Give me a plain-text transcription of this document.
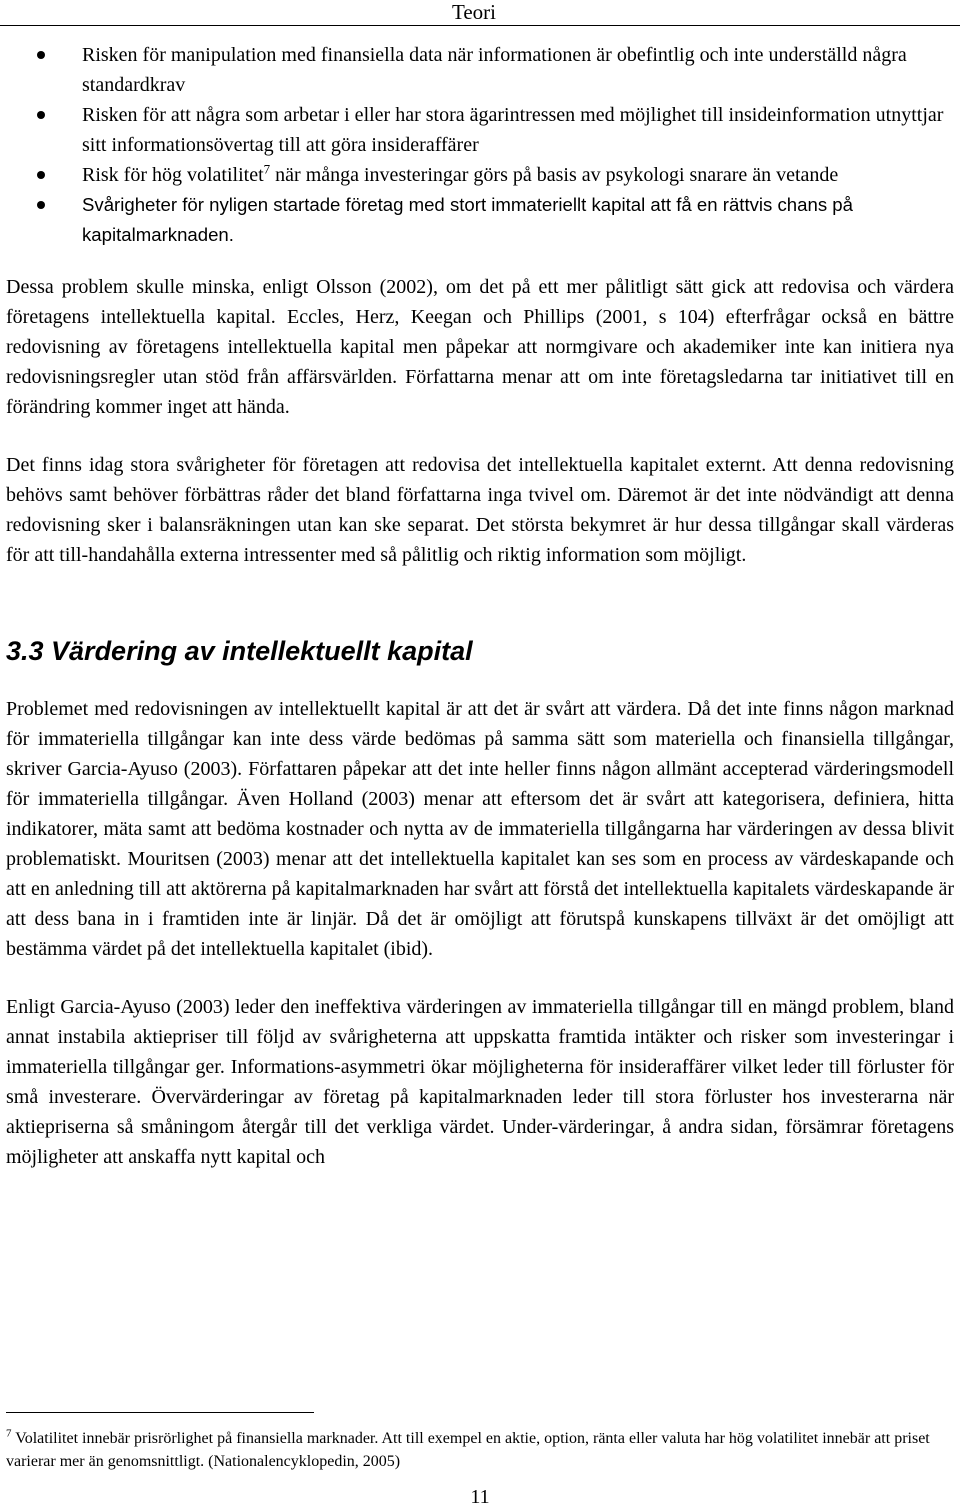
Teori
Risken för manipulation med finansiella data när informationen är obefintlig och inte underställd några standardkrav
Risken för att några som arbetar i eller har stora ägarintressen med möjlighet till insideinformation utnyttjar sitt informationsövertag till att göra insideraffärer
Risk för hög volatilitet$^7$ när många investeringar görs på basis av psykologi snarare än vetande
Svårigheter för nyligen startade företag med stort immateriellt kapital att få en rättvis chans på kapitalmarknaden.

Dessa problem skulle minska, enligt Olsson (2002), om det på ett mer pålitligt sätt gick att redovisa och värdera företagens intellektuella kapital. Eccles, Herz, Keegan och Phillips (2001, s 104) efterfrågar också en bättre redovisning av företagens intellektuella kapital men påpekar att normgivare och akademiker inte kan initiera nya redovisningsregler utan stöd från affärsvärlden. Författarna menar att om inte företagsledarna tar initiativet till en förändring kommer inget att hända.

Det finns idag stora svårigheter för företagen att redovisa det intellektuella kapitalet externt. Att denna redovisning behövs samt behöver förbättras råder det bland författarna inga tvivel om. Däremot är det inte nödvändigt att denna redovisning sker i balansräkningen utan kan ske separat. Det största bekymret är hur dessa tillgångar skall värderas för att till-handahålla externa intressenter med så pålitlig och riktig information som möjligt.

3.3 Värdering av intellektuellt kapital

Problemet med redovisningen av intellektuellt kapital är att det är svårt att värdera. Då det inte finns någon marknad för immateriella tillgångar kan inte dess värde bedömas på samma sätt som materiella och finansiella tillgångar, skriver Garcia-Ayuso (2003). Författaren påpekar att det inte heller finns någon allmänt accepterad värderingsmodell för immateriella tillgångar. Även Holland (2003) menar att eftersom det är svårt att kategorisera, definiera, hitta indikatorer, mäta samt att bedöma kostnader och nytta av de immateriella tillgångarna har värderingen av dessa blivit problematiskt. Mouritsen (2003) menar att det intellektuella kapitalet kan ses som en process av värdeskapande och att en anledning till att aktörerna på kapitalmarknaden har svårt att förstå det intellektuella kapitalets värdeskapande är att dess bana in i framtiden inte är linjär. Då det är omöjligt att förutspå kunskapens tillväxt är det omöjligt att bestämma värdet på det intellektuella kapitalet (ibid).

Enligt Garcia-Ayuso (2003) leder den ineffektiva värderingen av immateriella tillgångar till en mängd problem, bland annat instabila aktiepriser till följd av svårigheterna att uppskatta framtida intäkter och risker som investeringar i immateriella tillgångar ger. Informations-asymmetri ökar möjligheterna för insideraffärer vilket leder till förluster för små investerare. Övervärderingar av företag på kapitalmarknaden leder till stora förluster hos investerarna när aktiepriserna så småningom återgår till det verkliga värdet. Under-värderingar, å andra sidan, försämrar företagens möjligheter att anskaffa nytt kapital och

$^7$ Volatilitet innebär prisrörlighet på finansiella marknader. Att till exempel en aktie, option, ränta eller valuta har hög volatilitet innebär att priset varierar mer än genomsnittligt. (Nationalencyklopedin, 2005)
11
